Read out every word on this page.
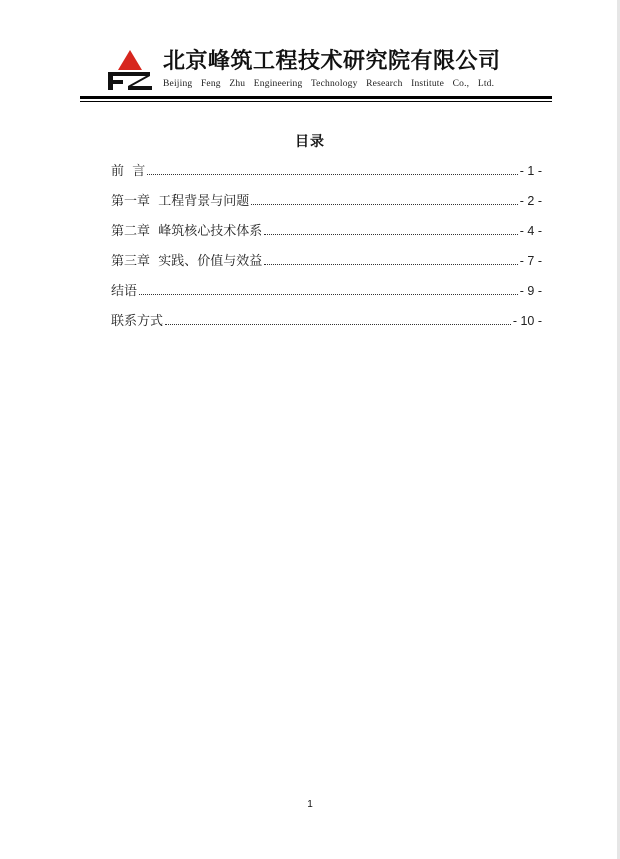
北京峰筑工程技术研究院有限公司
Beijing Feng Zhu Engineering Technology Research Institute Co., Ltd.
目录
前  言	- 1 -
第一章  工程背景与问题	- 2 -
第二章  峰筑核心技术体系	- 4 -
第三章  实践、价值与效益	- 7 -
结语	- 9 -
联系方式	- 10 -
1
